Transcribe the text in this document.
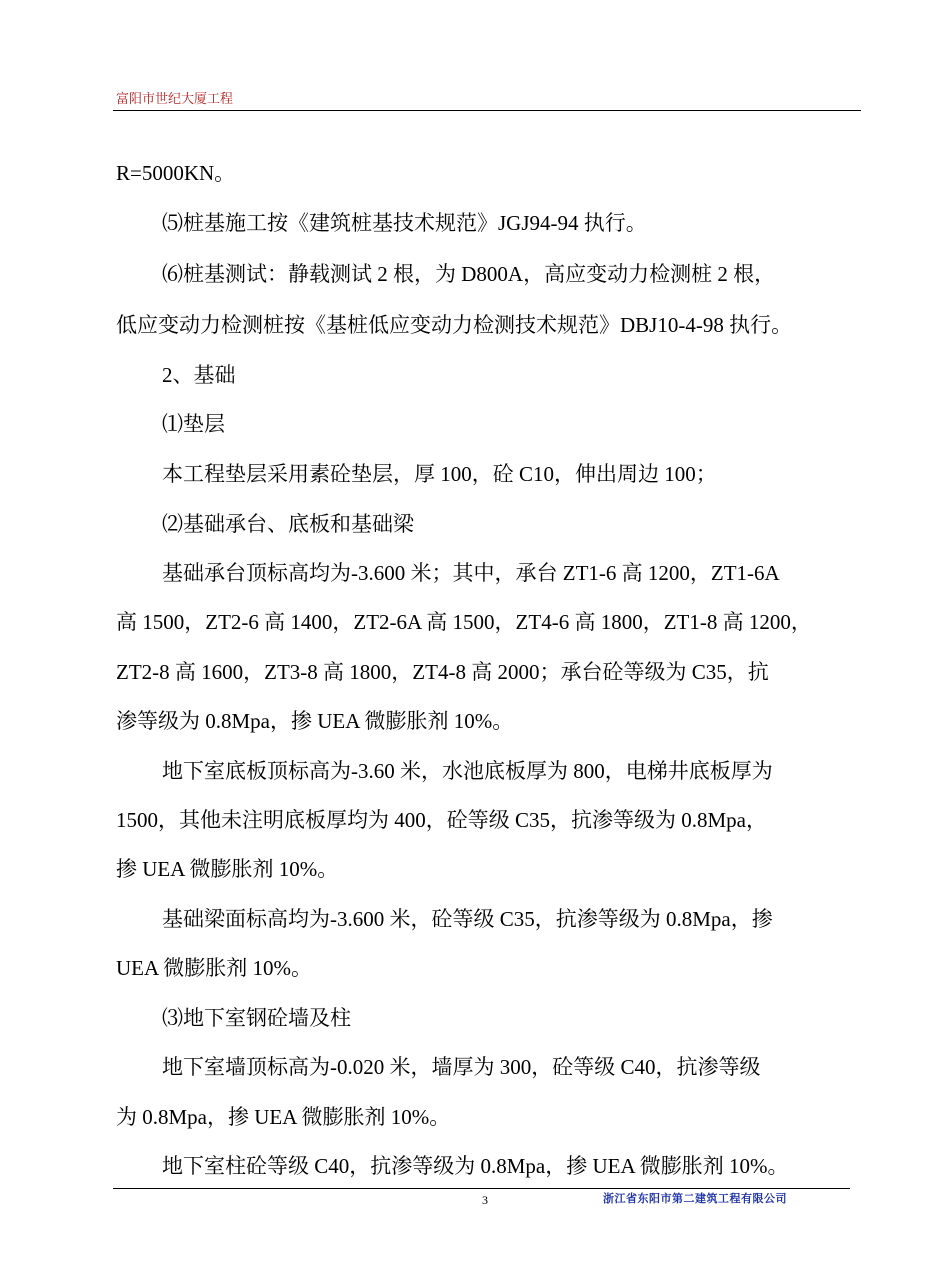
富阳市世纪大厦工程
R=5000KN。
⑸桩基施工按《建筑桩基技术规范》JGJ94-94 执行。
⑹桩基测试：静载测试 2 根，为 D800A，高应变动力检测桩 2 根，
低应变动力检测桩按《基桩低应变动力检测技术规范》DBJ10-4-98 执行。
2、基础
⑴垫层
本工程垫层采用素砼垫层，厚 100，砼 C10，伸出周边 100；
⑵基础承台、底板和基础梁
基础承台顶标高均为-3.600 米；其中，承台 ZT1-6 高 1200，ZT1-6A
高 1500，ZT2-6 高 1400，ZT2-6A 高 1500，ZT4-6 高 1800，ZT1-8 高 1200，
ZT2-8 高 1600，ZT3-8 高 1800，ZT4-8 高 2000；承台砼等级为 C35，抗
渗等级为 0.8Mpa，掺 UEA 微膨胀剂 10%。
地下室底板顶标高为-3.60 米，水池底板厚为 800，电梯井底板厚为
1500，其他未注明底板厚均为 400，砼等级 C35，抗渗等级为 0.8Mpa，
掺 UEA 微膨胀剂 10%。
基础梁面标高均为-3.600 米，砼等级 C35，抗渗等级为 0.8Mpa，掺
UEA 微膨胀剂 10%。
⑶地下室钢砼墙及柱
地下室墙顶标高为-0.020 米，墙厚为 300，砼等级 C40，抗渗等级
为 0.8Mpa，掺 UEA 微膨胀剂 10%。
地下室柱砼等级 C40，抗渗等级为 0.8Mpa，掺 UEA 微膨胀剂 10%。
3	浙江省东阳市第二建筑工程有限公司
